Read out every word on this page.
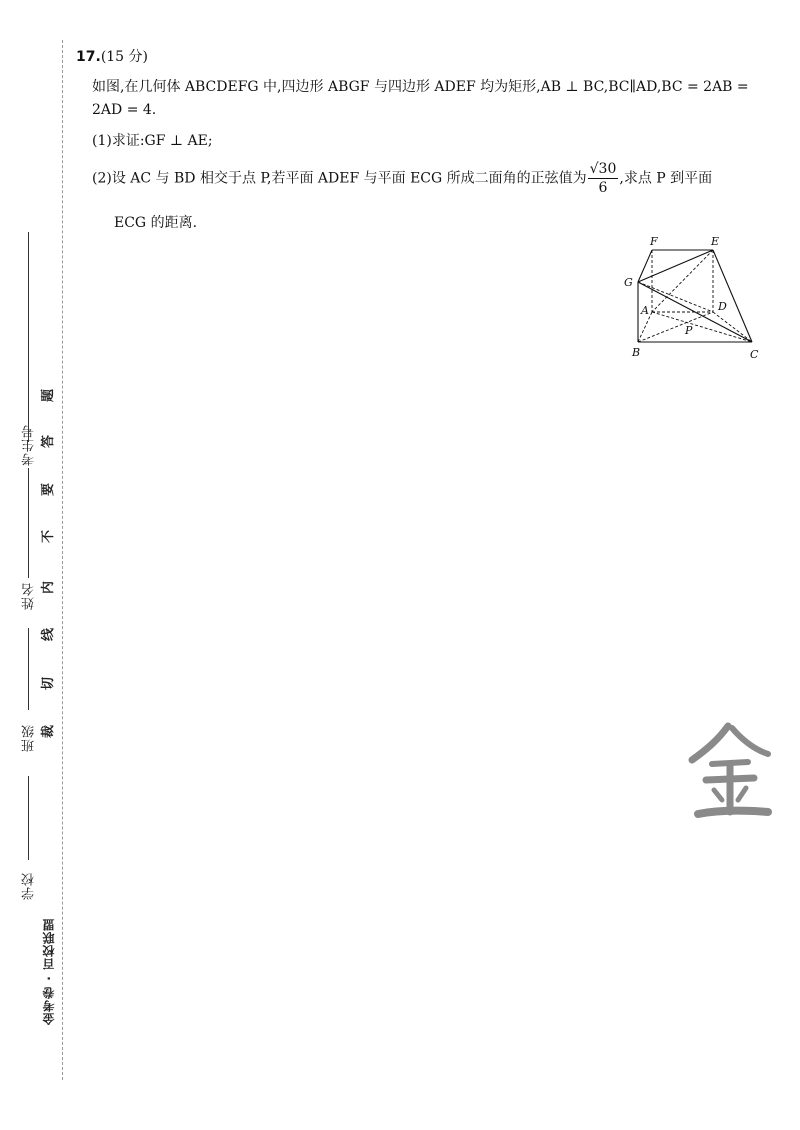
考生号
姓名
班级
学校
题
答
要
不
内
线
切
裁
金考卷 · 百校联盟
17.(15 分)
如图,在几何体 ABCDEFG 中,四边形 ABGF 与四边形 ADEF 均为矩形,AB ⊥ BC,BC∥AD,BC = 2AB =
2AD = 4.
(1)求证:GF ⊥ AE;
(2)设 AC 与 BD 相交于点 P,若平面 ADEF 与平面 ECG 所成二面角的正弦值为 $\frac{√30}{6}$ ,求点 P 到平面
ECG 的距离.
F	E
G
A	D
P
B	C
